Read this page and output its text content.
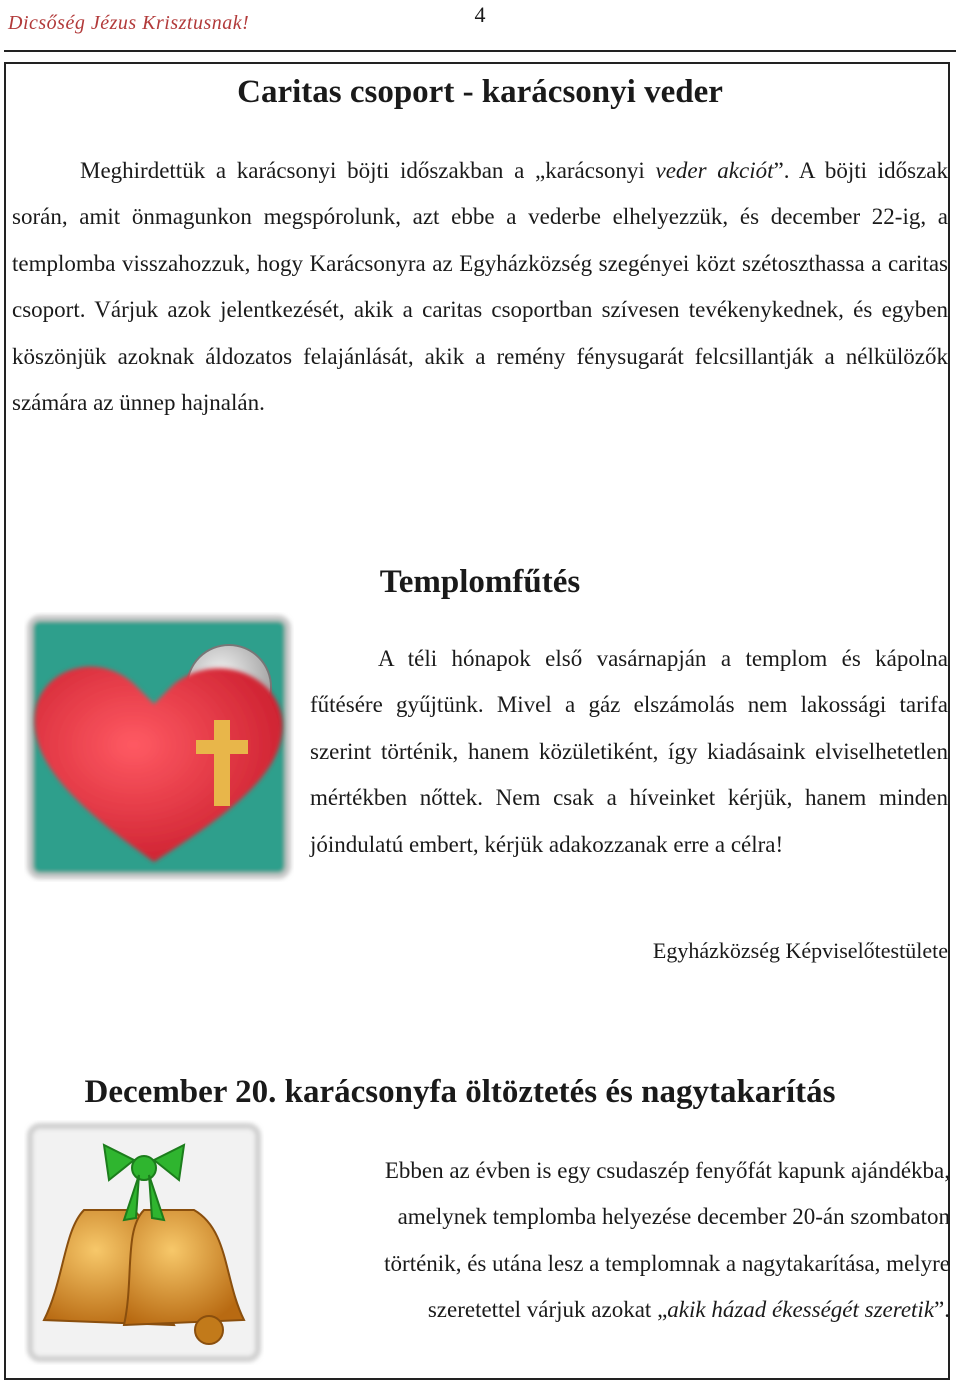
Dicsőség Jézus Krisztusnak!	4
Caritas csoport - karácsonyi veder

Meghirdettük a karácsonyi böjti időszakban a „karácsonyi veder akciót”. A böjti időszak során, amit önmagunkon megspórolunk, azt ebbe a vederbe elhelyezzük, és december 22-ig, a templomba visszahozzuk, hogy Karácsonyra az Egyházközség szegényei közt szétoszthassa a caritas csoport. Várjuk azok jelentkezését, akik a caritas csoportban szívesen tevékenykednek, és egyben köszönjük azoknak áldozatos felajánlását, akik a remény fénysugarát felcsillantják a nélkülözők számára az ünnep hajnalán.

Templomfűtés

A téli hónapok első vasárnapján a templom és kápolna fűtésére gyűjtünk. Mivel a gáz elszámolás nem lakossági tarifa szerint történik, hanem közületiként, így kiadásaink elviselhetetlen mértékben nőttek. Nem csak a híveinket kérjük, hanem minden jóindulatú embert, kérjük adakozzanak erre a célra!

Egyházközség Képviselőtestülete
December 20. karácsonyfa öltöztetés és nagytakarítás

Ebben az évben is egy csudaszép fenyőfát kapunk ajándékba,

amelynek templomba helyezése december 20-án szombaton

történik, és utána lesz a templomnak a nagytakarítása, melyre

szeretettel várjuk azokat „akik házad ékességét szeretik”.
